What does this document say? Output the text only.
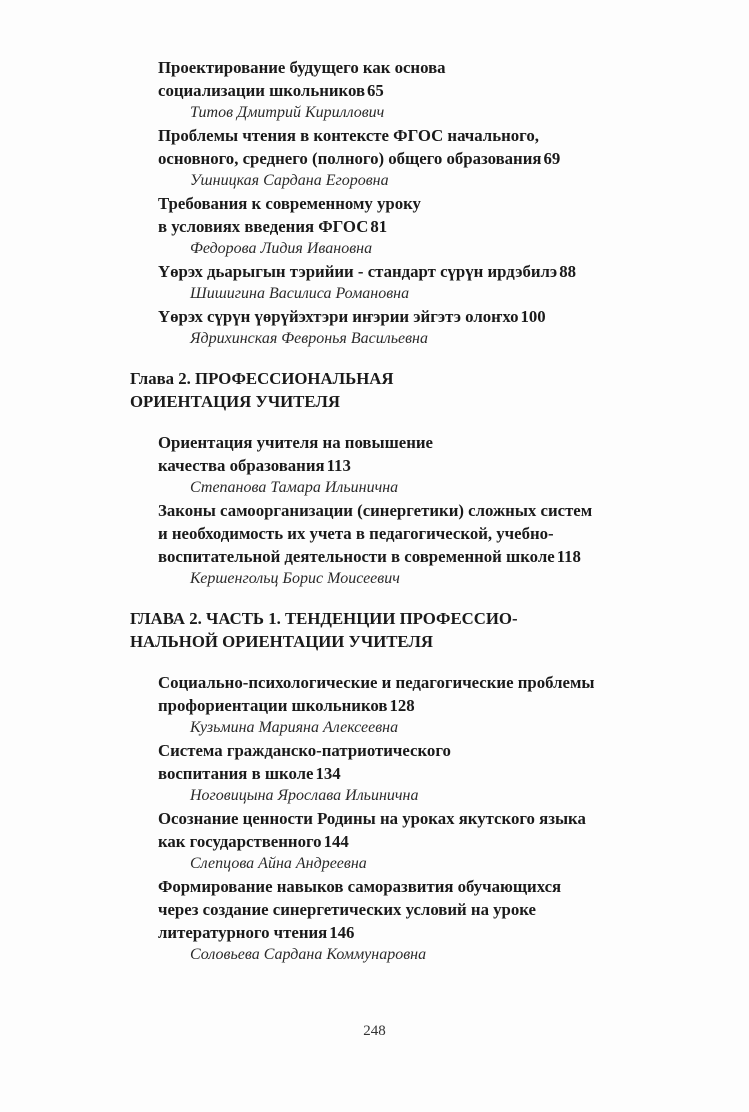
Проектирование будущего как основа
социализации школьников 65
Титов Дмитрий Кириллович
Проблемы чтения в контексте ФГОС начального,
основного, среднего (полного) общего образования 69
Ушницкая Сардана Егоровна
Требования к современному уроку
в условиях введения ФГОС 81
Федорова Лидия Ивановна
Үөрэх дьарыгын тэрийии - стандарт сүрүн ирдэбилэ 88
Шишигина Василиса Романовна
Үөрэх сүрүн үөрүйэхтэри иҥэрии эйгэтэ олоҥхо 100
Ядрихинская Февронья Васильевна
Глава 2. ПРОФЕССИОНАЛЬНАЯ
ОРИЕНТАЦИЯ УЧИТЕЛЯ
Ориентация учителя на повышение
качества образования 113
Степанова Тамара Ильинична
Законы самоорганизации (синергетики) сложных систем
и необходимость их учета в педагогической, учебно-
воспитательной деятельности в современной школе 118
Кершенгольц Борис Моисеевич
ГЛАВА 2. ЧАСТЬ 1. ТЕНДЕНЦИИ ПРОФЕССИО-
НАЛЬНОЙ ОРИЕНТАЦИИ УЧИТЕЛЯ
Социально-психологические и педагогические проблемы
профориентации школьников 128
Кузьмина Марияна Алексеевна
Система гражданско-патриотического
воспитания в школе 134
Ноговицына Ярослава Ильинична
Осознание ценности Родины на уроках якутского языка
как государственного 144
Слепцова Айна Андреевна
Формирование навыков саморазвития обучающихся
через создание синергетических условий на уроке
литературного чтения 146
Соловьева Сардана Коммунаровна
248
